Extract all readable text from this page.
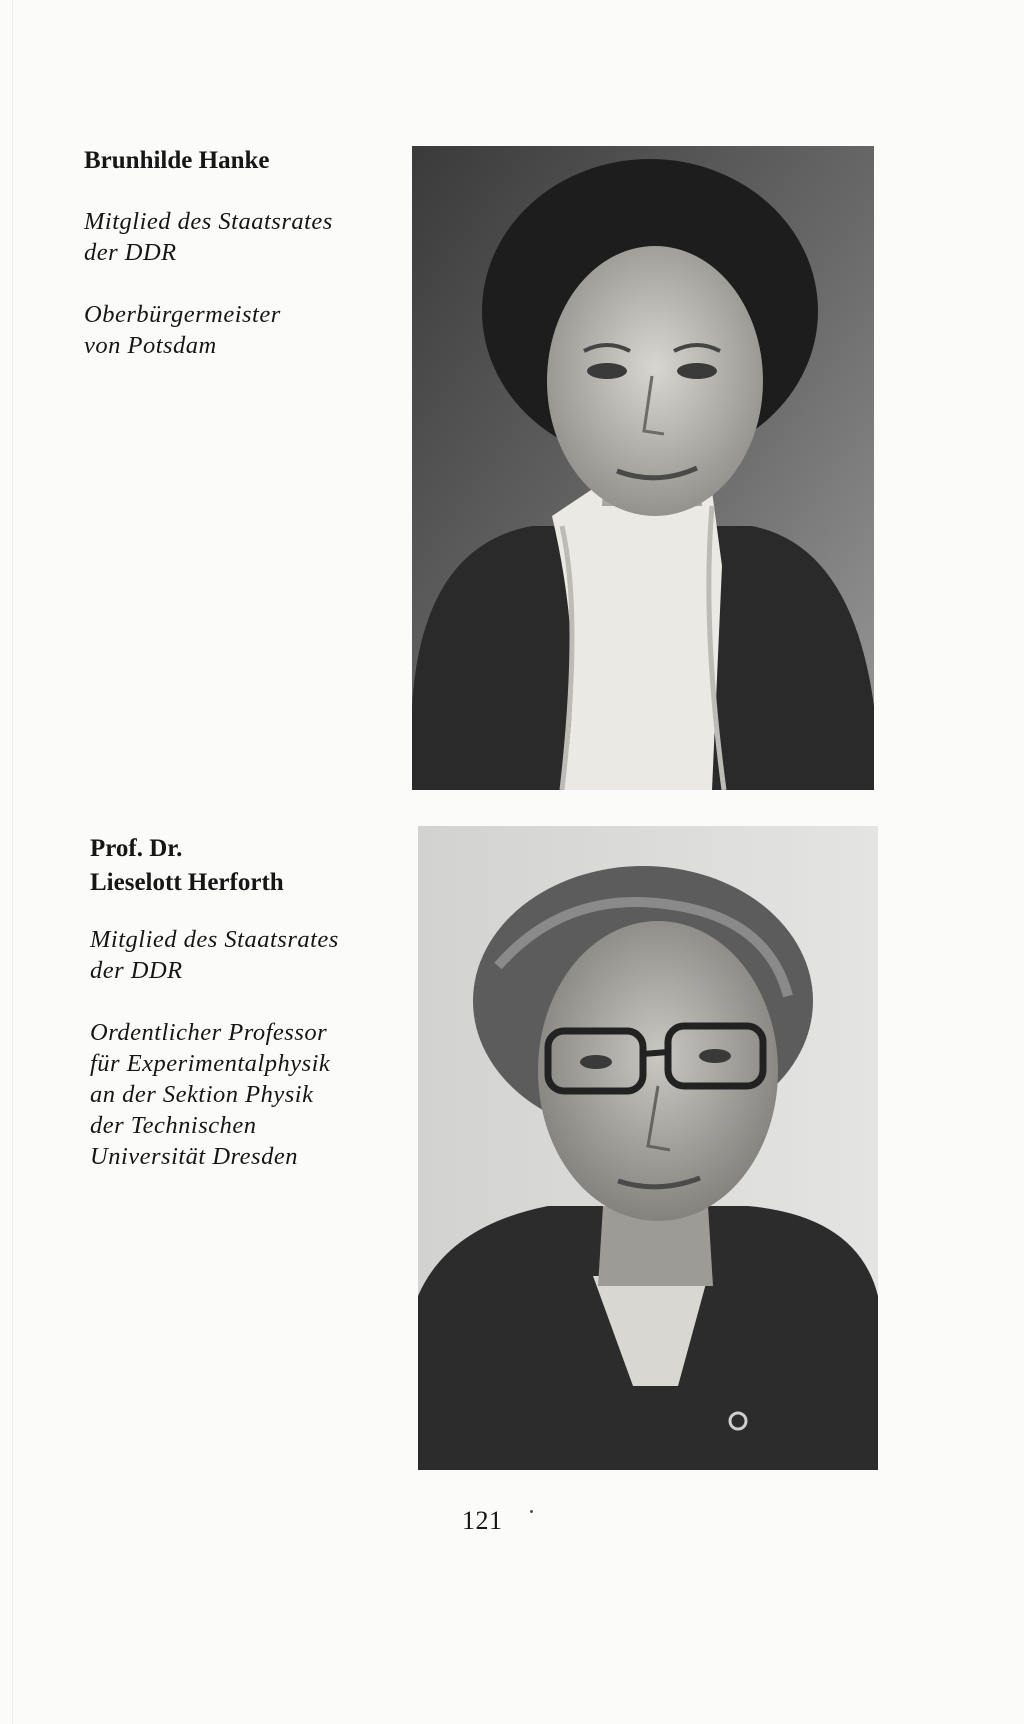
Brunhilde Hanke

Mitglied des Staatsrates

der DDR

Oberbürgermeister

von Potsdam

Prof. Dr.

Lieselott Herforth

Mitglied des Staatsrates

der DDR

Ordentlicher Professor

für Experimentalphysik

an der Sektion Physik

der Technischen

Universität Dresden

121
